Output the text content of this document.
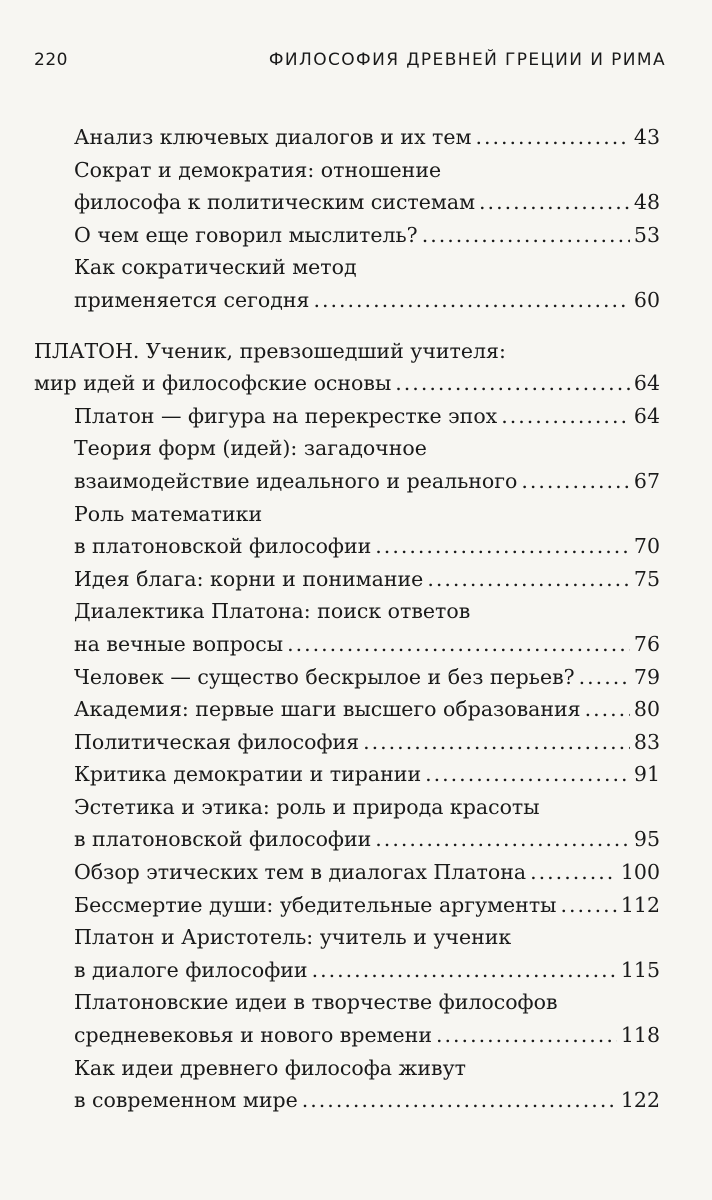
220	ФИЛОСОФИЯ ДРЕВНЕЙ ГРЕЦИИ И РИМА
Анализ ключевых диалогов и их тем .....	43
Сократ и демократия: отношение
философа к политическим системам .....	48
О чем еще говорил мыслитель? .....	53
Как сократический метод
применяется сегодня .....	60
ПЛАТОН. Ученик, превзошедший учителя:
мир идей и философские основы .....	64
Платон — фигура на перекрестке эпох .....	64
Теория форм (идей): загадочное
взаимодействие идеального и реального .....	67
Роль математики
в платоновской философии .....	70
Идея блага: корни и понимание .....	75
Диалектика Платона: поиск ответов
на вечные вопросы .....	76
Человек — существо бескрылое и без перьев? .....	79
Академия: первые шаги высшего образования .....	80
Политическая философия .....	83
Критика демократии и тирании .....	91
Эстетика и этика: роль и природа красоты
в платоновской философии .....	95
Обзор этических тем в диалогах Платона .....	100
Бессмертие души: убедительные аргументы .....	112
Платон и Аристотель: учитель и ученик
в диалоге философии .....	115
Платоновские идеи в творчестве философов
средневековья и нового времени .....	118
Как идеи древнего философа живут
в современном мире .....	122
